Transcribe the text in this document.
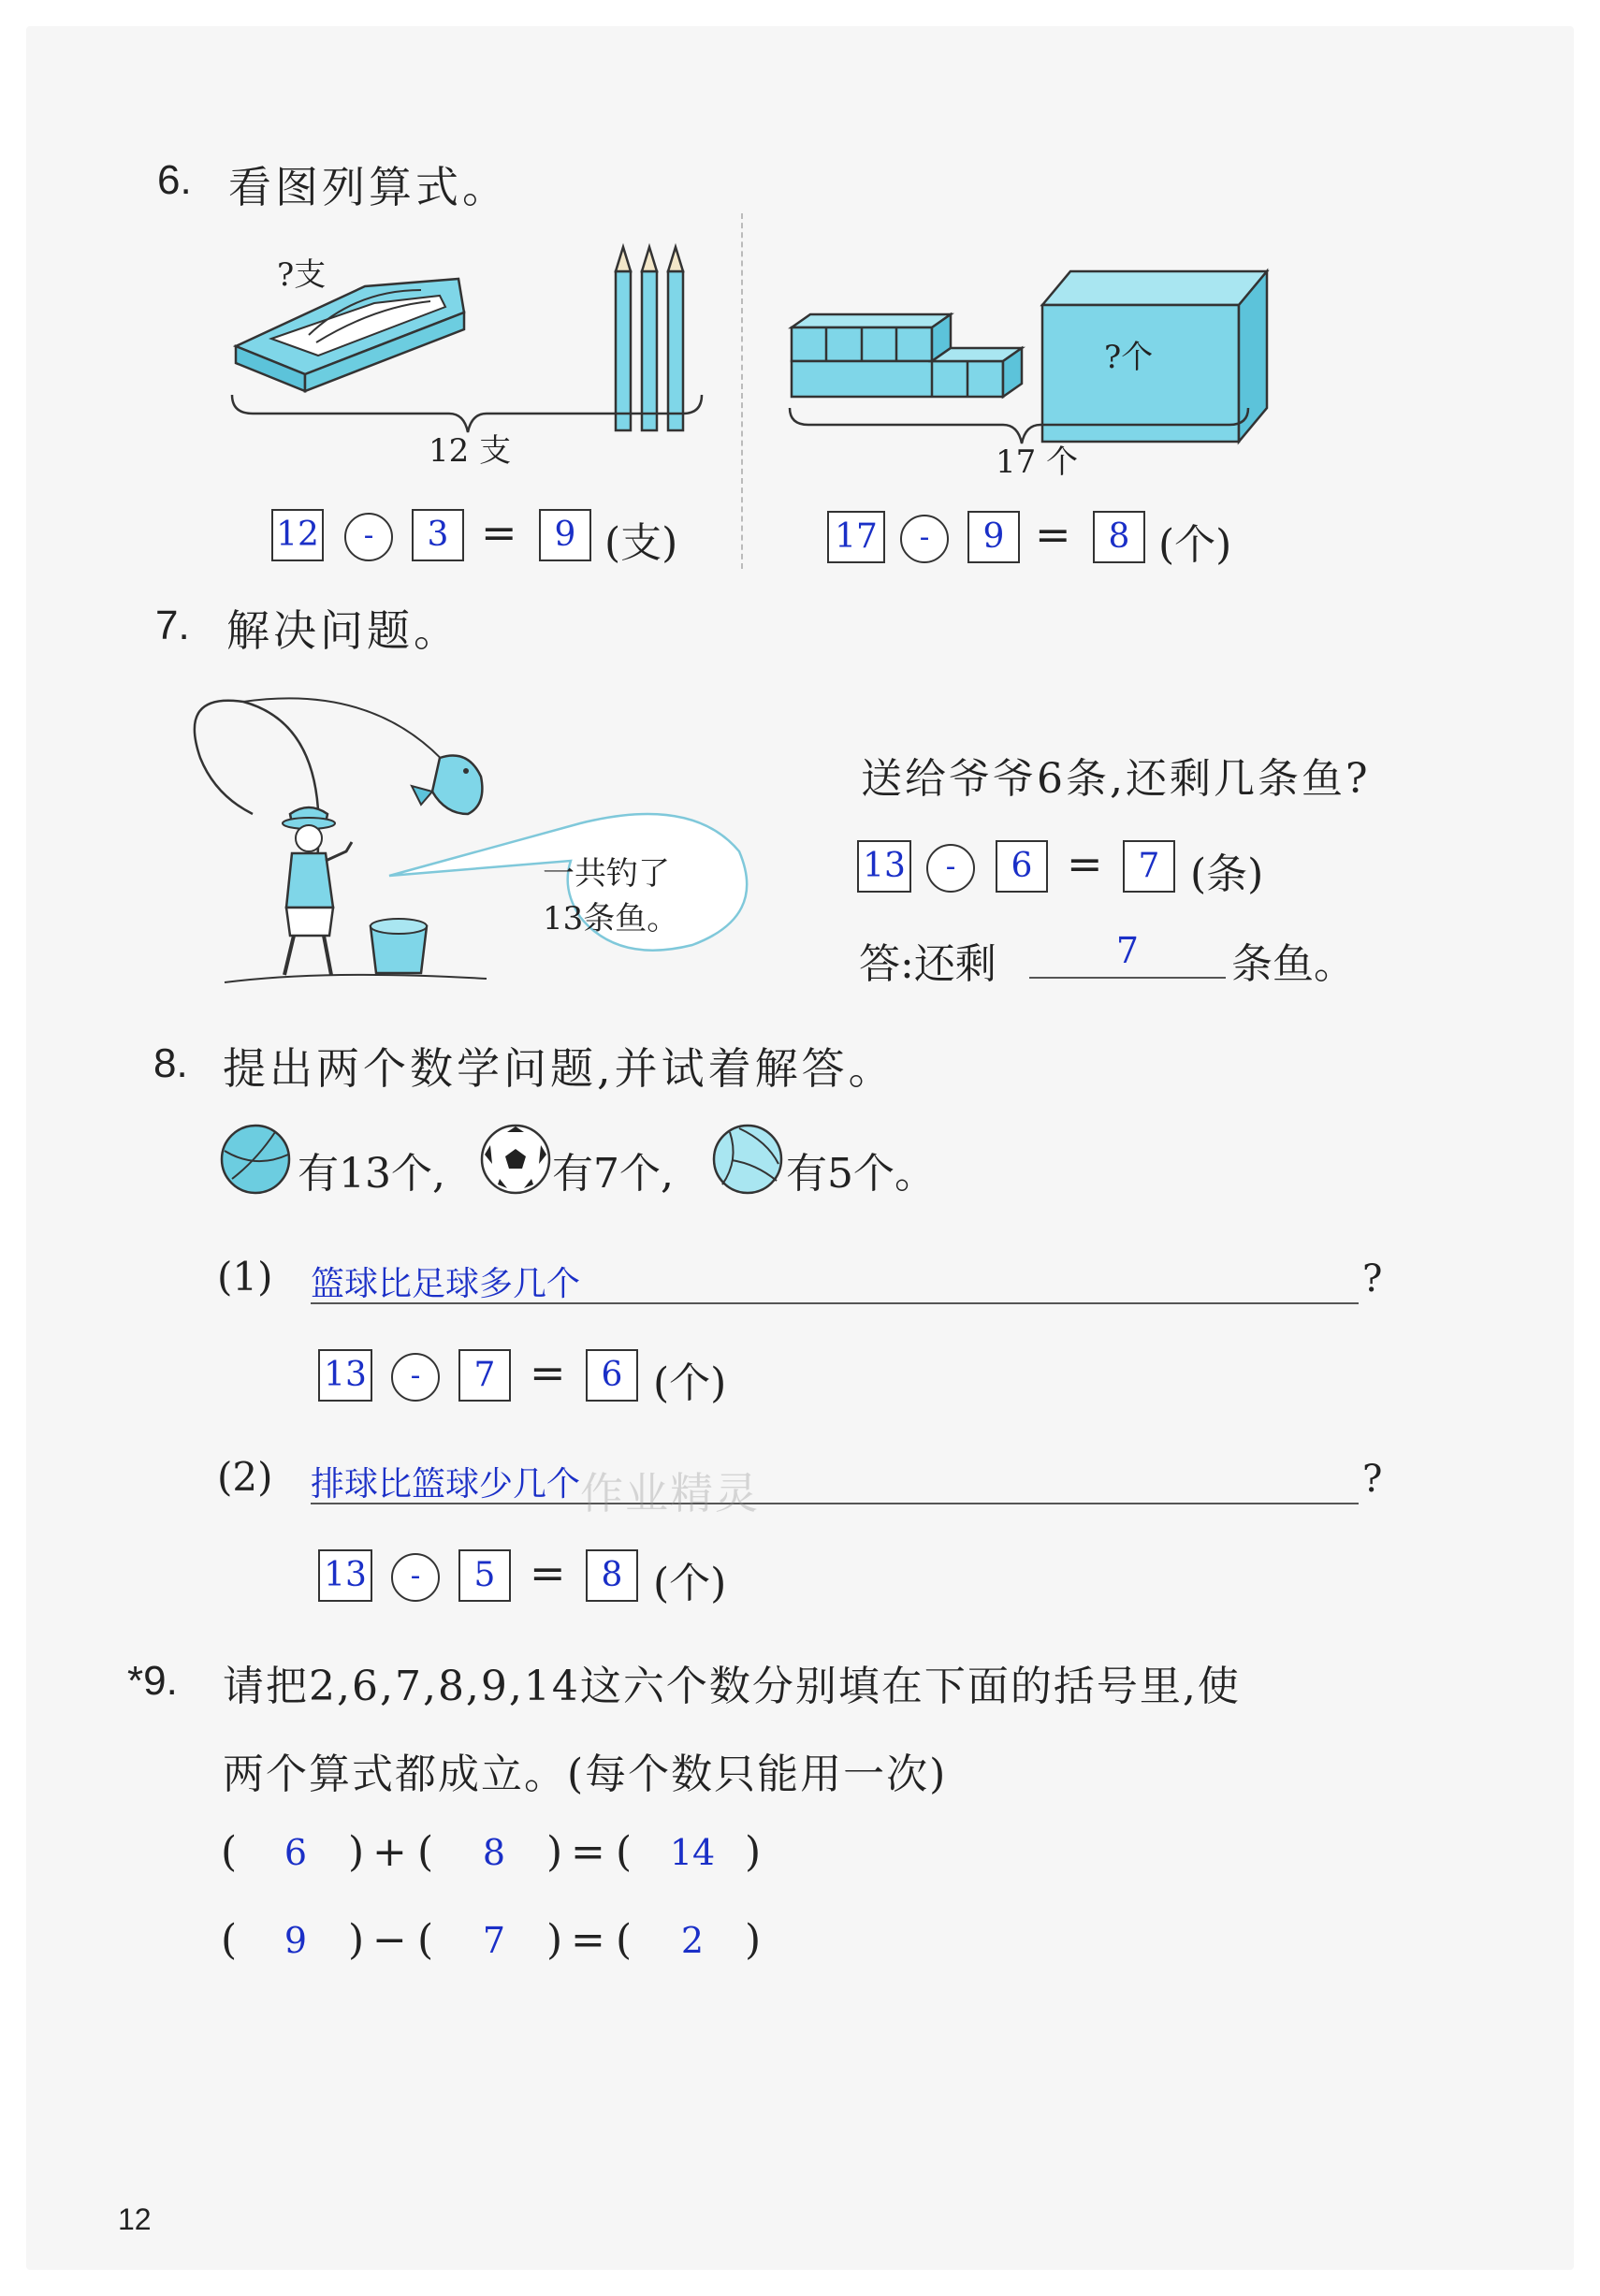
6. 看图列算式。
?支
12 支
?个
17 个
12	-	3 =	9 (支)	17	-	9 =	8 (个)
7. 解决问题。
一共钓了
13条鱼。
送给爷爷6条,还剩几条鱼?
13	-	6 =	7 (条)
答:还剩	7	条鱼。
8. 提出两个数学问题,并试着解答。
有13个,	有7个,	有5个。
(1) 篮球比足球多几个	?
13	-	7 =	6 (个)
(2) 排球比篮球少几个	?
作业精灵
13	-	5 =	8 (个)
*9. 请把2,6,7,8,9,14这六个数分别填在下面的括号里,使
两个算式都成立。(每个数只能用一次)
(	6 ) + (	8 ) = (	14 )
(	9 ) − (	7 ) = (	2 )
12
